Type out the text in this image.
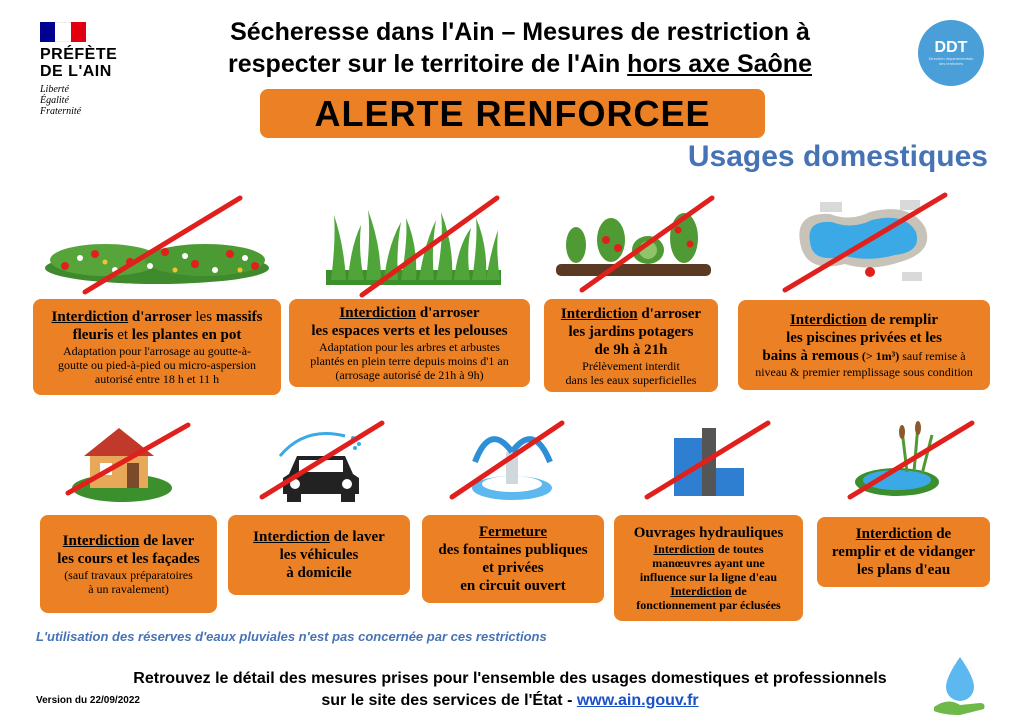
PRÉFÈTE
DE L'AIN
Liberté
Égalité
Fraternité
Sécheresse dans l'Ain – Mesures de restriction à
respecter sur le territoire de l'Ain hors axe Saône
DDT
Direction départementale des territoires
ALERTE RENFORCEE
Usages domestiques
Interdiction d'arroser les massifs
fleuris et les plantes en pot
Adaptation pour l'arrosage au goutte-à-
goutte ou pied-à-pied ou micro-aspersion
autorisé entre 18 h et 11 h
Interdiction d'arroser
les espaces verts et les pelouses
Adaptation pour les arbres et arbustes
plantés en plein terre depuis moins d'1 an
(arrosage autorisé de 21h à 9h)
Interdiction d'arroser
les jardins potagers
de 9h à 21h
Prélèvement interdit
dans les eaux superficielles
Interdiction de remplir
les piscines privées et les
bains à remous (> 1m³) sauf remise à
niveau & premier remplissage sous condition
Interdiction de laver
les cours et les façades
(sauf travaux préparatoires
à un ravalement)
Interdiction de laver
les véhicules
à domicile
Fermeture
des fontaines publiques
et privées
en circuit ouvert
Ouvrages hydrauliques
Interdiction de toutes
manœuvres ayant une
influence sur la ligne d'eau
Interdiction de
fonctionnement par éclusées
Interdiction de
remplir et de vidanger
les plans d'eau
L'utilisation des réserves d'eaux pluviales n'est pas concernée par ces restrictions
Retrouvez le détail des mesures prises pour l'ensemble des usages domestiques et professionnels
sur le site des services de l'État - www.ain.gouv.fr
Version du 22/09/2022
